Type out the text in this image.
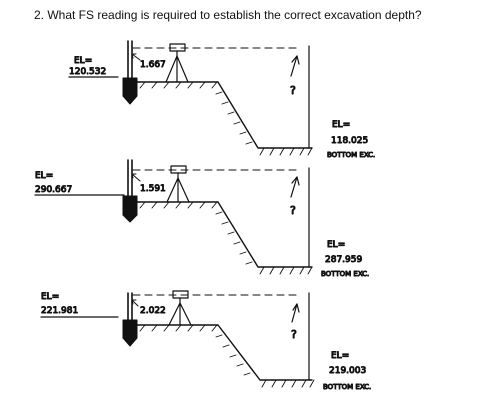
2. What FS reading is required to establish the correct excavation depth?
EL=
120.532
1.667
?
EL=
118.025
BOTTOM EXC.
EL=
290.667	1.591
?
EL=
287.959
BOTTOM EXC.
EL=
221.981	2.022
?
EL=
219.003
BOTTOM EXC.
